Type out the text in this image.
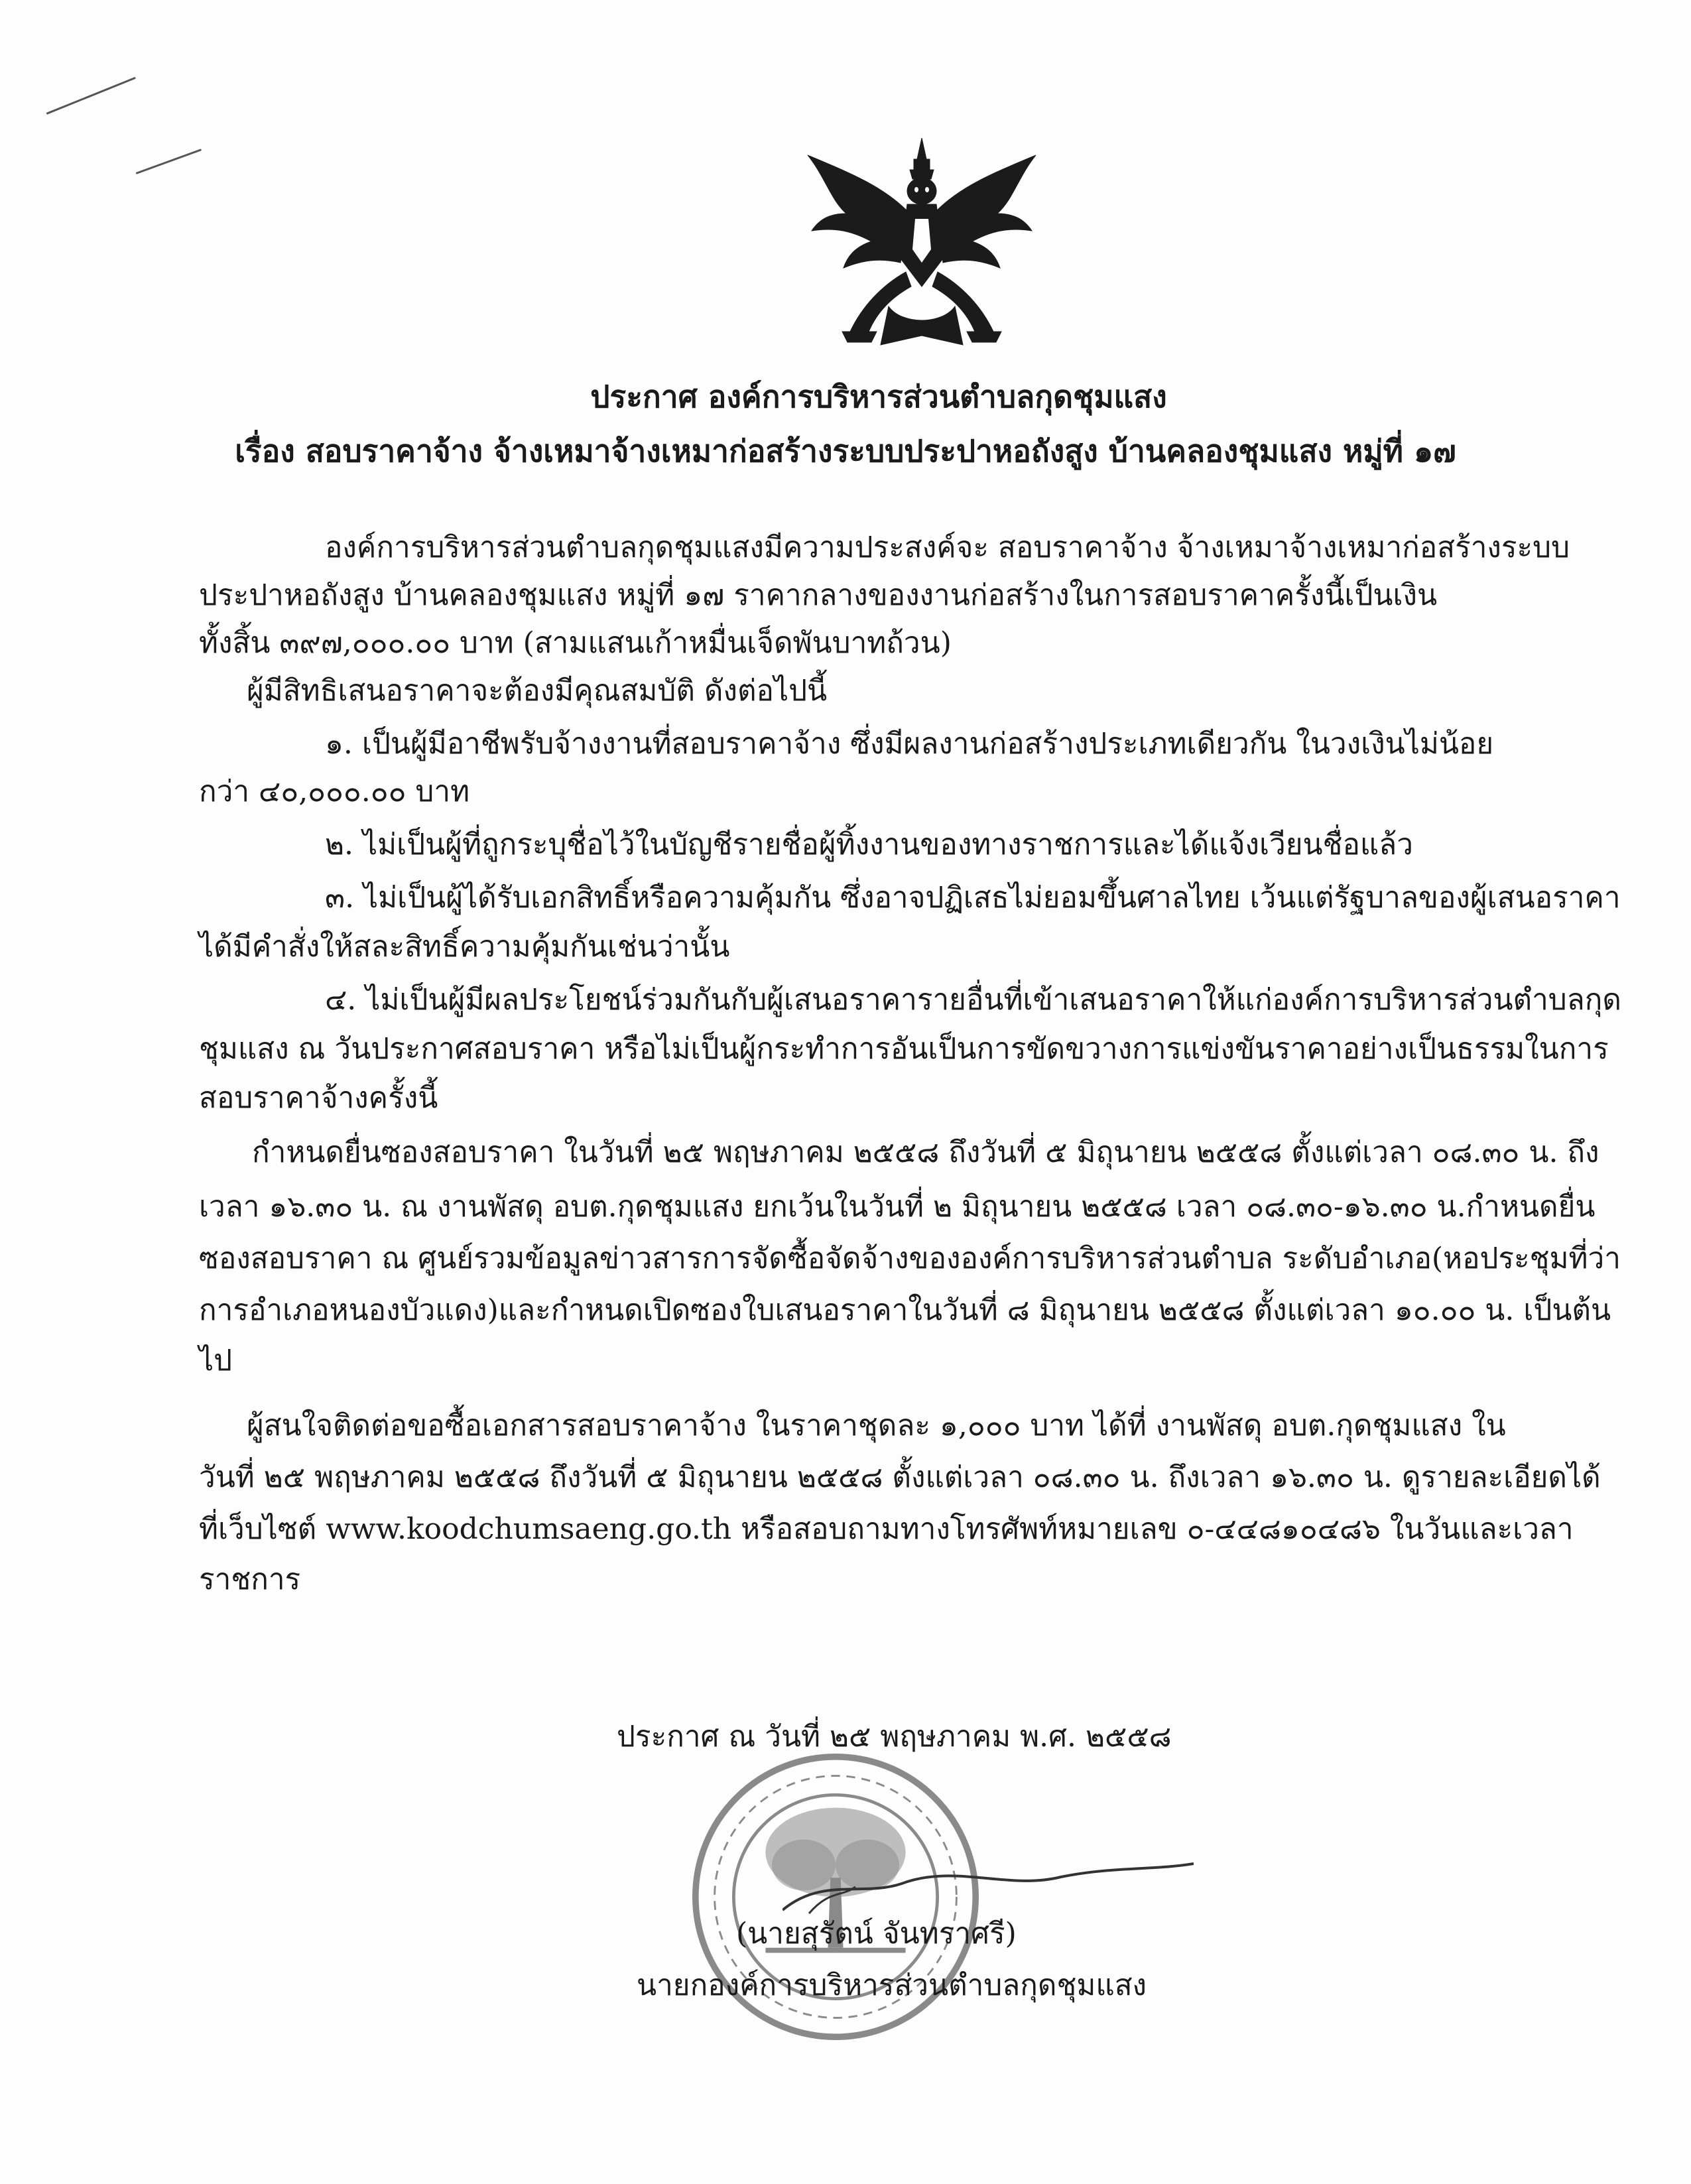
ประกาศ องค์การบริหารส่วนตำบลกุดชุมแสง
เรื่อง สอบราคาจ้าง จ้างเหมาจ้างเหมาก่อสร้างระบบประปาหอถังสูง บ้านคลองชุมแสง หมู่ที่ ๑๗
องค์การบริหารส่วนตำบลกุดชุมแสงมีความประสงค์จะ สอบราคาจ้าง จ้างเหมาจ้างเหมาก่อสร้างระบบ
ประปาหอถังสูง บ้านคลองชุมแสง หมู่ที่ ๑๗ ราคากลางของงานก่อสร้างในการสอบราคาครั้งนี้เป็นเงิน
ทั้งสิ้น ๓๙๗,๐๐๐.๐๐ บาท (สามแสนเก้าหมื่นเจ็ดพันบาทถ้วน)
ผู้มีสิทธิเสนอราคาจะต้องมีคุณสมบัติ ดังต่อไปนี้
๑. เป็นผู้มีอาชีพรับจ้างงานที่สอบราคาจ้าง ซึ่งมีผลงานก่อสร้างประเภทเดียวกัน ในวงเงินไม่น้อย
กว่า ๔๐,๐๐๐.๐๐ บาท
๒. ไม่เป็นผู้ที่ถูกระบุชื่อไว้ในบัญชีรายชื่อผู้ทิ้งงานของทางราชการและได้แจ้งเวียนชื่อแล้ว
๓. ไม่เป็นผู้ได้รับเอกสิทธิ์หรือความคุ้มกัน ซึ่งอาจปฏิเสธไม่ยอมขึ้นศาลไทย เว้นแต่รัฐบาลของผู้เสนอราคา
ได้มีคำสั่งให้สละสิทธิ์ความคุ้มกันเช่นว่านั้น
๔. ไม่เป็นผู้มีผลประโยชน์ร่วมกันกับผู้เสนอราคารายอื่นที่เข้าเสนอราคาให้แก่องค์การบริหารส่วนตำบลกุด
ชุมแสง ณ วันประกาศสอบราคา หรือไม่เป็นผู้กระทำการอันเป็นการขัดขวางการแข่งขันราคาอย่างเป็นธรรมในการ
สอบราคาจ้างครั้งนี้
กำหนดยื่นซองสอบราคา ในวันที่ ๒๕ พฤษภาคม ๒๕๕๘ ถึงวันที่ ๕ มิถุนายน ๒๕๕๘ ตั้งแต่เวลา ๐๘.๓๐ น. ถึง
เวลา ๑๖.๓๐ น. ณ งานพัสดุ อบต.กุดชุมแสง ยกเว้นในวันที่ ๒ มิถุนายน ๒๕๕๘ เวลา ๐๘.๓๐-๑๖.๓๐ น.กำหนดยื่น
ซองสอบราคา ณ ศูนย์รวมข้อมูลข่าวสารการจัดซื้อจัดจ้างขององค์การบริหารส่วนตำบล ระดับอำเภอ(หอประชุมที่ว่า
การอำเภอหนองบัวแดง)และกำหนดเปิดซองใบเสนอราคาในวันที่ ๘ มิถุนายน ๒๕๕๘ ตั้งแต่เวลา ๑๐.๐๐ น. เป็นต้น
ไป
ผู้สนใจติดต่อขอซื้อเอกสารสอบราคาจ้าง ในราคาชุดละ ๑,๐๐๐ บาท ได้ที่ งานพัสดุ อบต.กุดชุมแสง ใน
วันที่ ๒๕ พฤษภาคม ๒๕๕๘ ถึงวันที่ ๕ มิถุนายน ๒๕๕๘ ตั้งแต่เวลา ๐๘.๓๐ น. ถึงเวลา ๑๖.๓๐ น. ดูรายละเอียดได้
ที่เว็บไซต์ www.koodchumsaeng.go.th หรือสอบถามทางโทรศัพท์หมายเลข ๐-๔๔๘๑๐๔๘๖ ในวันและเวลา
ราชการ
ประกาศ ณ วันที่ ๒๕ พฤษภาคม พ.ศ. ๒๕๕๘
(นายสุรัตน์ จันทราศรี)
นายกองค์การบริหารส่วนตำบลกุดชุมแสง
